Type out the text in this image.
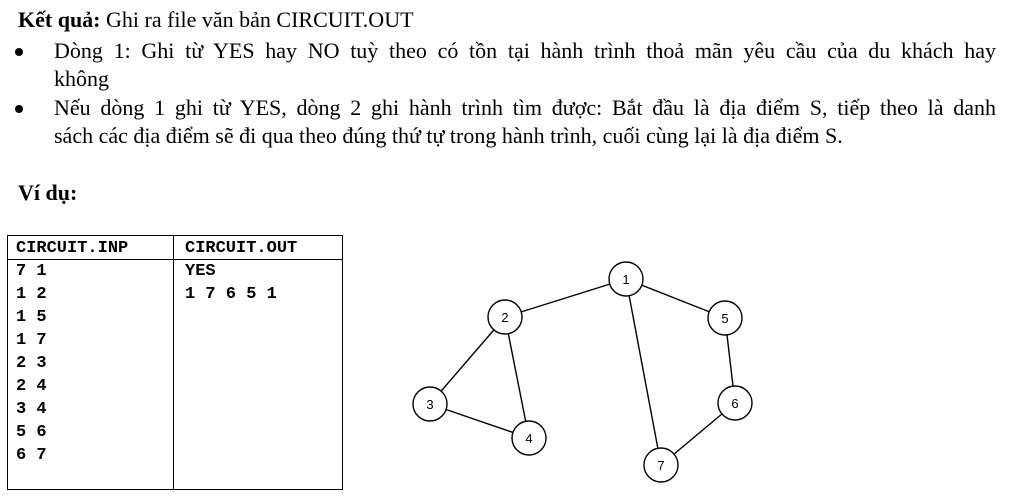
Kết quả: Ghi ra file văn bản CIRCUIT.OUT
Dòng 1: Ghi từ YES hay NO tuỳ theo có tồn tại hành trình thoả mãn yêu cầu của du khách hay
không
Nếu dòng 1 ghi từ YES, dòng 2 ghi hành trình tìm được: Bắt đầu là địa điểm S, tiếp theo là danh
sách các địa điểm sẽ đi qua theo đúng thứ tự trong hành trình, cuối cùng lại là địa điểm S.
Ví dụ:
CIRCUIT.INP	CIRCUIT.OUT
7 1
1 2
1 5
1 7
2 3
2 4
3 4
5 6
6 7
YES
1 7 6 5 1
1
2
3
4
5
6
7
